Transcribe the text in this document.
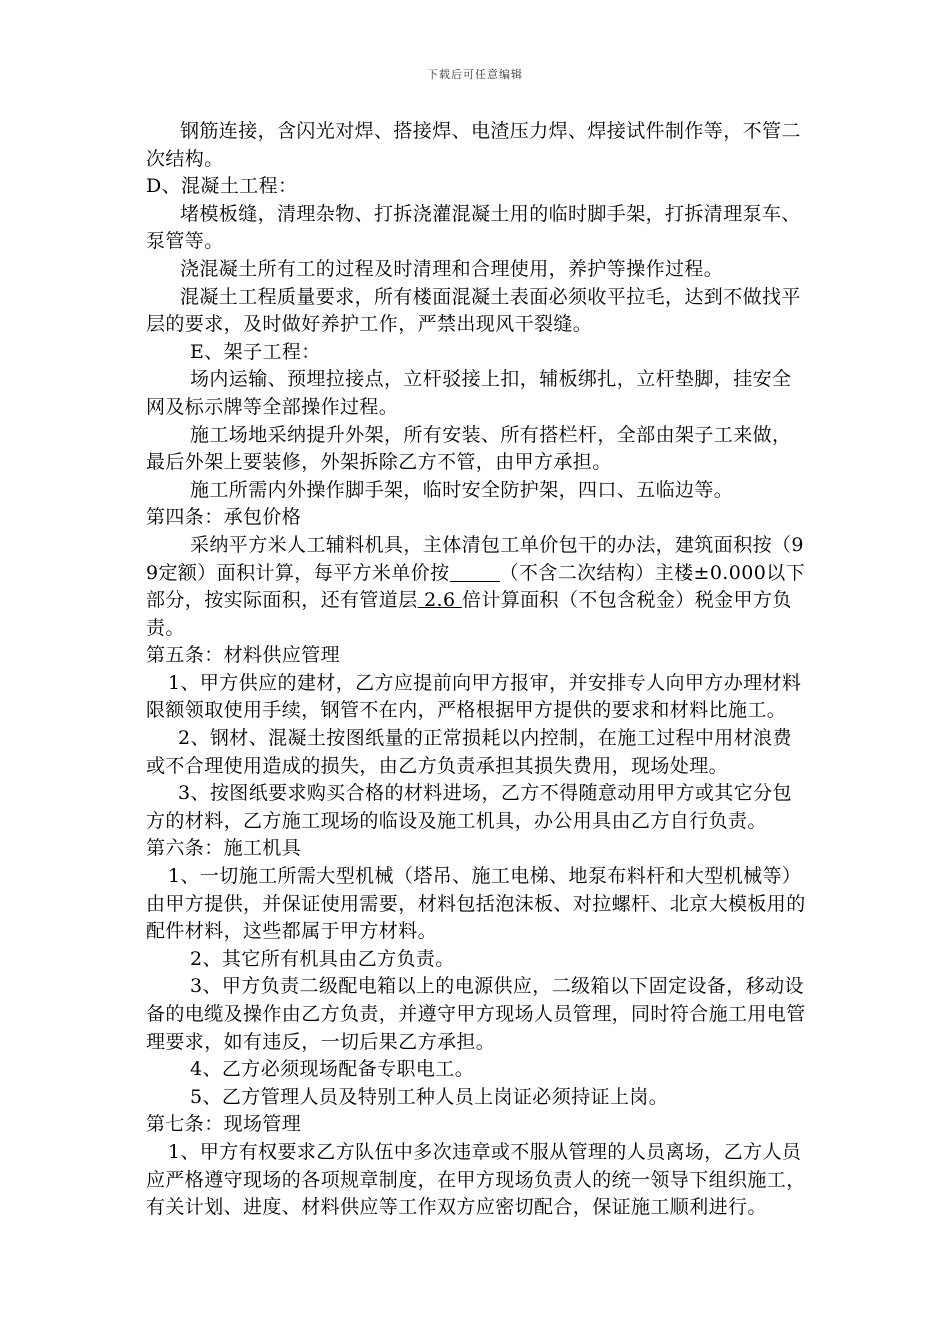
下载后可任意编辑

钢筋连接，含闪光对焊、搭接焊、电渣压力焊、焊接试件制作等，不管二次结构。

D、混凝土工程：

堵模板缝，清理杂物、打拆浇灌混凝土用的临时脚手架，打拆清理泵车、泵管等。

浇混凝土所有工的过程及时清理和合理使用，养护等操作过程。

混凝土工程质量要求，所有楼面混凝土表面必须收平拉毛，达到不做找平层的要求，及时做好养护工作，严禁出现风干裂缝。

E、架子工程：

场内运输、预埋拉接点，立杆驳接上扣，辅板绑扎，立杆垫脚，挂安全网及标示牌等全部操作过程。

施工场地采纳提升外架，所有安装、所有搭栏杆，全部由架子工来做，最后外架上要装修，外架拆除乙方不管，由甲方承担。

施工所需内外操作脚手架，临时安全防护架，四口、五临边等。

第四条：承包价格

采纳平方米人工辅料机具，主体清包工单价包干的办法，建筑面积按（99定额）面积计算，每平方米单价按	（不含二次结构）主楼±0.000以下部分，按实际面积，还有管道层 2.6 倍计算面积（不包含税金）税金甲方负责。

第五条：材料供应管理

1、甲方供应的建材，乙方应提前向甲方报审，并安排专人向甲方办理材料限额领取使用手续，钢管不在内，严格根据甲方提供的要求和材料比施工。

2、钢材、混凝土按图纸量的正常损耗以内控制，在施工过程中用材浪费或不合理使用造成的损失，由乙方负责承担其损失费用，现场处理。

3、按图纸要求购买合格的材料进场，乙方不得随意动用甲方或其它分包方的材料，乙方施工现场的临设及施工机具，办公用具由乙方自行负责。

第六条：施工机具

1、一切施工所需大型机械（塔吊、施工电梯、地泵布料杆和大型机械等）由甲方提供，并保证使用需要，材料包括泡沫板、对拉螺杆、北京大模板用的配件材料，这些都属于甲方材料。

2、其它所有机具由乙方负责。

3、甲方负责二级配电箱以上的电源供应，二级箱以下固定设备，移动设备的电缆及操作由乙方负责，并遵守甲方现场人员管理，同时符合施工用电管理要求，如有违反，一切后果乙方承担。

4、乙方必须现场配备专职电工。

5、乙方管理人员及特别工种人员上岗证必须持证上岗。

第七条：现场管理

1、甲方有权要求乙方队伍中多次违章或不服从管理的人员离场，乙方人员应严格遵守现场的各项规章制度，在甲方现场负责人的统一领导下组织施工，有关计划、进度、材料供应等工作双方应密切配合，保证施工顺利进行。
